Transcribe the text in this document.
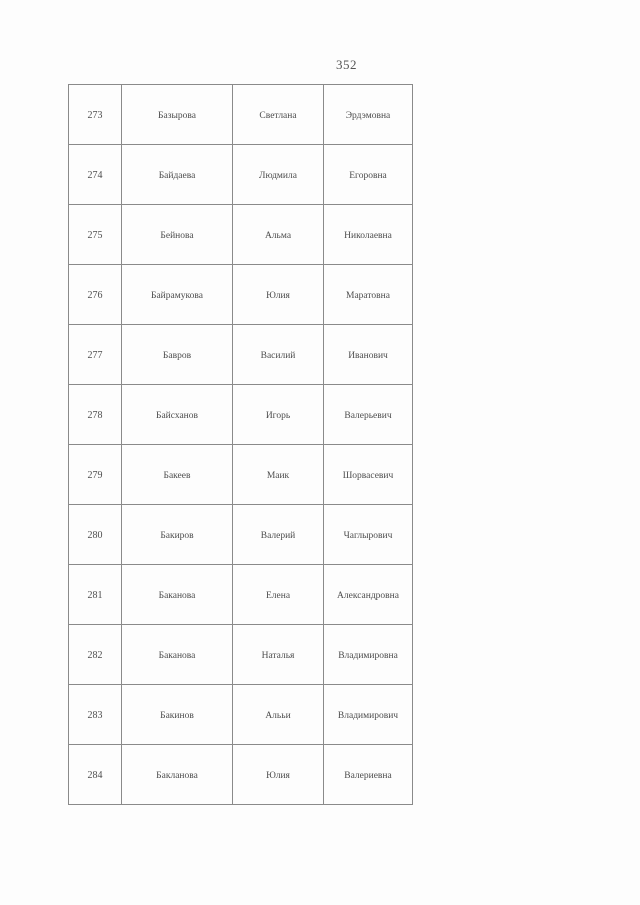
352
273	Базырова	Светлана	Эрдэмовна
274	Байдаева	Людмила	Егоровна
275	Бейнова	Альма	Николаевна
276	Байрамукова	Юлия	Маратовна
277	Бавров	Василий	Иванович
278	Байсханов	Игорь	Валерьевич
279	Бакеев	Маик	Шорвасевич
280	Бакиров	Валерий	Чаглырович
281	Баканова	Елена	Александровна
282	Баканова	Наталья	Владимировна
283	Бакинов	Алььи	Владимирович
284	Бакланова	Юлия	Валериевна
